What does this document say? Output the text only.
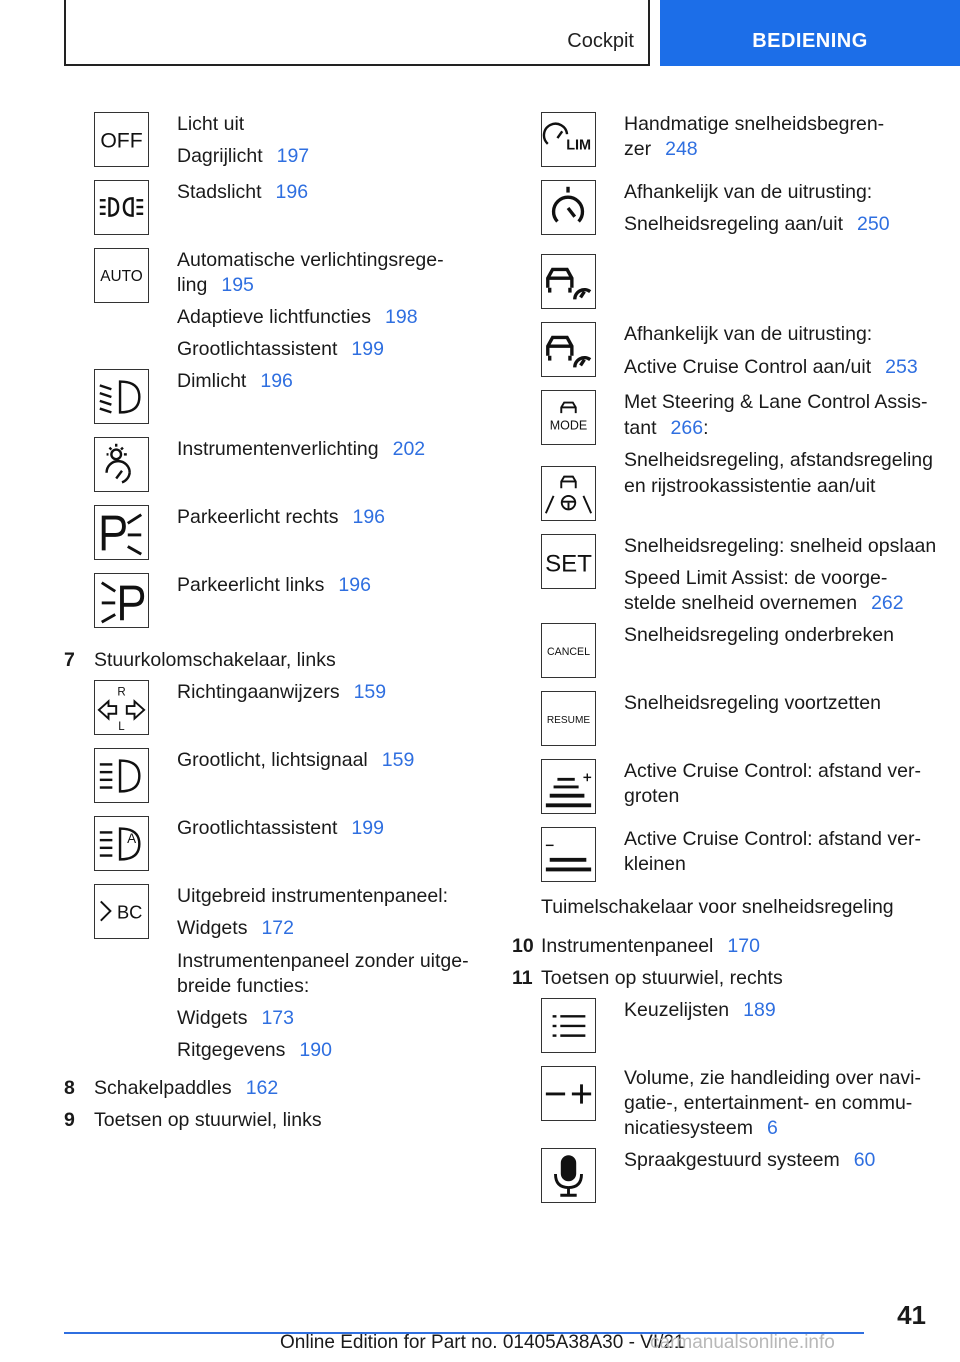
Cockpit	BEDIENING
OFF
Licht uit
Dagrijlicht 197
Stadslicht 196
AUTO
Automatische verlichtingsrege-
ling 195
Adaptieve lichtfuncties 198
Grootlichtassistent 199
Dimlicht 196
Instrumentenverlichting 202
Parkeerlicht rechts 196
Parkeerlicht links 196
7 Stuurkolomschakelaar, links
R
L
Richtingaanwijzers 159
Grootlicht, lichtsignaal 159
A Grootlichtassistent 199
BC
Uitgebreid instrumentenpaneel:
Widgets 172
Instrumentenpaneel zonder uitge-
breide functies:
Widgets 173
Ritgegevens 190
8 Schakelpaddles 162
9 Toetsen op stuurwiel, links
LIM
Handmatige snelheidsbegren-
zer 248
Afhankelijk van de uitrusting:
Snelheidsregeling aan/uit 250
Afhankelijk van de uitrusting:
Active Cruise Control aan/uit 253
MODE
Met Steering & Lane Control Assis-
tant 266:
Snelheidsregeling, afstandsregeling
en rijstrookassistentie aan/uit
SET
Snelheidsregeling: snelheid opslaan
Speed Limit Assist: de voorge-
stelde snelheid overnemen 262
CANCEL
Snelheidsregeling onderbreken
RESUME
Snelheidsregeling voortzetten
Active Cruise Control: afstand ver-
groten
Active Cruise Control: afstand ver-
kleinen
Tuimelschakelaar voor snelheidsregeling
10 Instrumentenpaneel 170
11 Toetsen op stuurwiel, rechts
Keuzelijsten 189
Volume, zie handleiding over navi-
gatie-, entertainment- en commu-
nicatiesysteem 6
Spraakgestuurd systeem 60
41
Online Edition for Part no. 01405A38A30 - VI/21
carmanualsonline.info
